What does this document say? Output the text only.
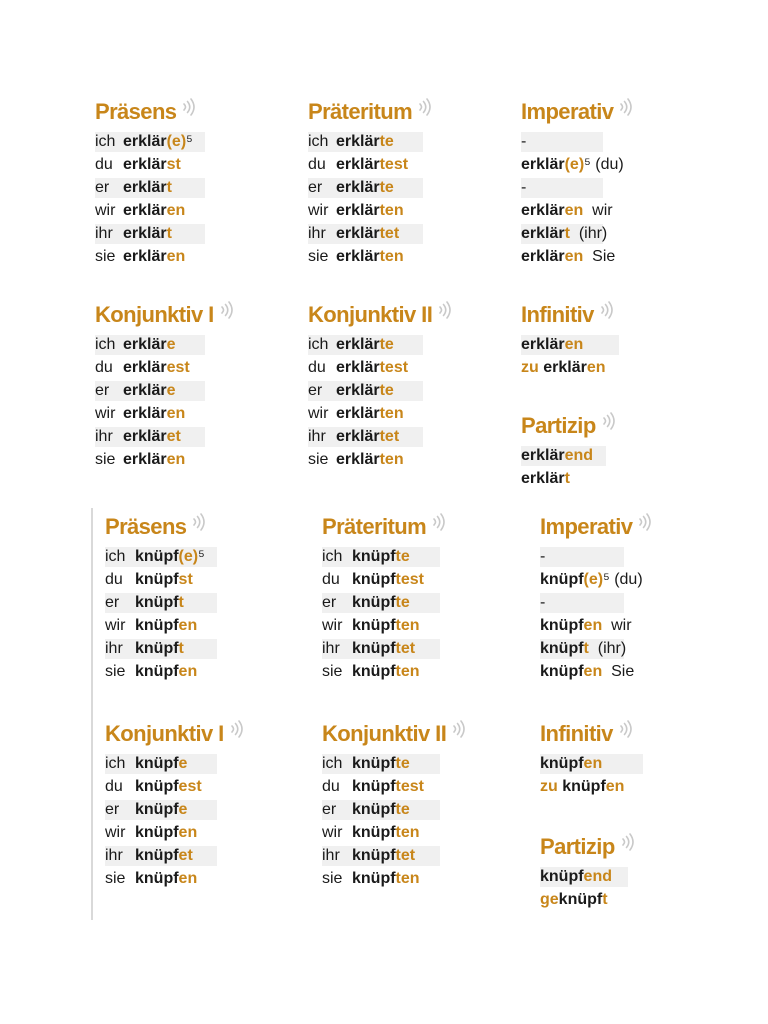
Präsens
ich erklär(e)⁵
du erklärst
er erklärt
wir erklären
ihr erklärt
sie erklären
Präteritum
ich erklärte
du erklärtest
er erklärte
wir erklärten
ihr erklärtet
sie erklärten
Imperativ
-
erklär(e)⁵ (du)
-
erklären  wir
erklärt  (ihr)
erklären  Sie
Konjunktiv I
ich erkläre
du erklärest
er erkläre
wir erklären
ihr erkläret
sie erklären
Konjunktiv II
ich erklärte
du erklärtest
er erklärte
wir erklärten
ihr erklärtet
sie erklärten
Infinitiv
erklären
zu erklären
Partizip
erklärend
erklärt
Präsens
ich knüpf(e)⁵
du knüpfst
er knüpft
wir knüpfen
ihr knüpft
sie knüpfen
Präteritum
ich knüpfte
du knüpftest
er knüpfte
wir knüpften
ihr knüpftet
sie knüpften
Imperativ
-
knüpf(e)⁵ (du)
-
knüpfen  wir
knüpft  (ihr)
knüpfen  Sie
Konjunktiv I
ich knüpfe
du knüpfest
er knüpfe
wir knüpfen
ihr knüpfet
sie knüpfen
Konjunktiv II
ich knüpfte
du knüpftest
er knüpfte
wir knüpften
ihr knüpftet
sie knüpften
Infinitiv
knüpfen
zu knüpfen
Partizip
knüpfend
geknüpft
